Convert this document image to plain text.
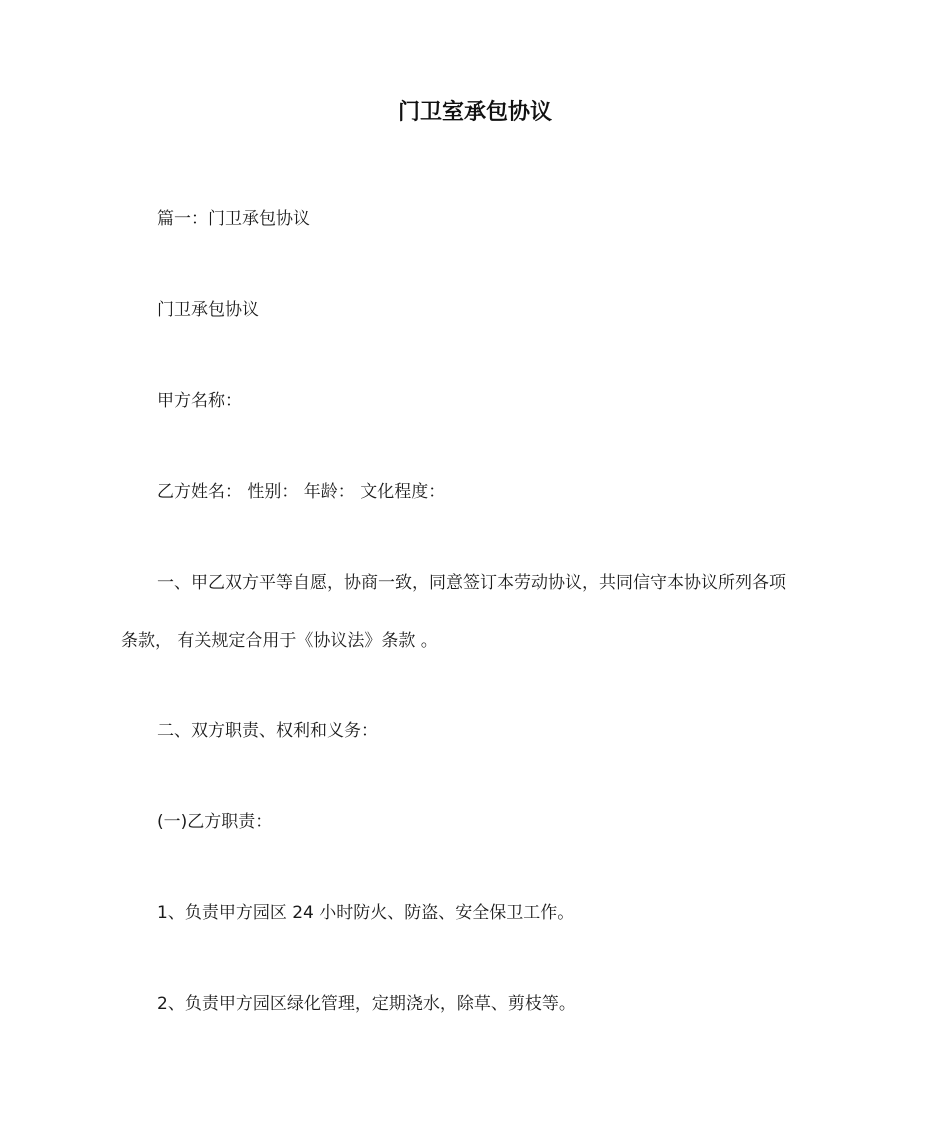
门卫室承包协议
篇一：门卫承包协议
门卫承包协议
甲方名称：
乙方姓名： 性别： 年龄： 文化程度：
一、甲乙双方平等自愿，协商一致，同意签订本劳动协议，共同信守本协议所列各项
条款， 有关规定合用于《协议法》条款 。
二、双方职责、权利和义务：
(一)乙方职责：
1、负责甲方园区 24 小时防火、防盗、安全保卫工作。
2、负责甲方园区绿化管理，定期浇水，除草、剪枝等。
